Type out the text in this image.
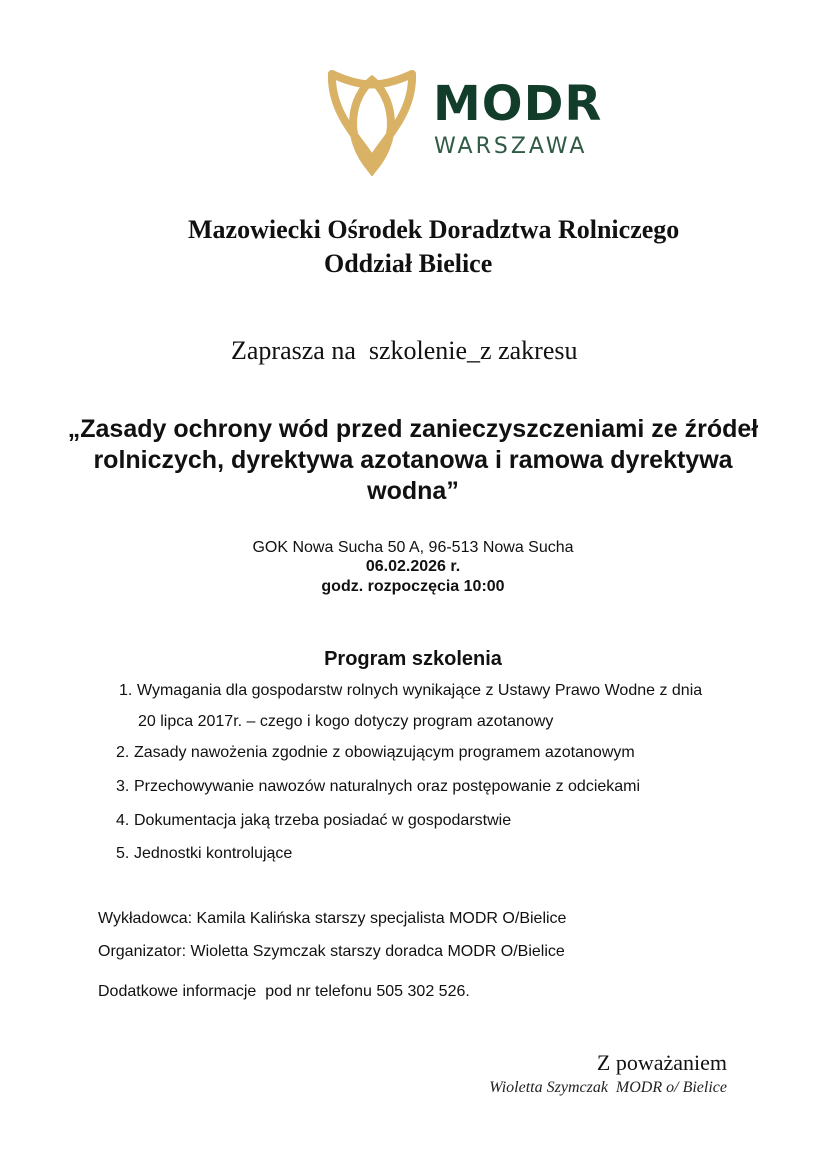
MODR
WARSZAWA
Mazowiecki Ośrodek Doradztwa Rolniczego
Oddział Bielice
Zaprasza na  szkolenie_z zakresu
„Zasady ochrony wód przed zanieczyszczeniami ze źródeł rolniczych, dyrektywa azotanowa i ramowa dyrektywa wodna”
GOK Nowa Sucha 50 A, 96-513 Nowa Sucha
06.02.2026 r.
godz. rozpoczęcia 10:00
Program szkolenia
1. Wymagania dla gospodarstw rolnych wynikające z Ustawy Prawo Wodne z dnia
20 lipca 2017r. – czego i kogo dotyczy program azotanowy
2. Zasady nawożenia zgodnie z obowiązującym programem azotanowym
3. Przechowywanie nawozów naturalnych oraz postępowanie z odciekami
4. Dokumentacja jaką trzeba posiadać w gospodarstwie
5. Jednostki kontrolujące
Wykładowca: Kamila Kalińska starszy specjalista MODR O/Bielice
Organizator: Wioletta Szymczak starszy doradca MODR O/Bielice
Dodatkowe informacje  pod nr telefonu 505 302 526.
Z poważaniem
Wioletta Szymczak  MODR o/ Bielice
